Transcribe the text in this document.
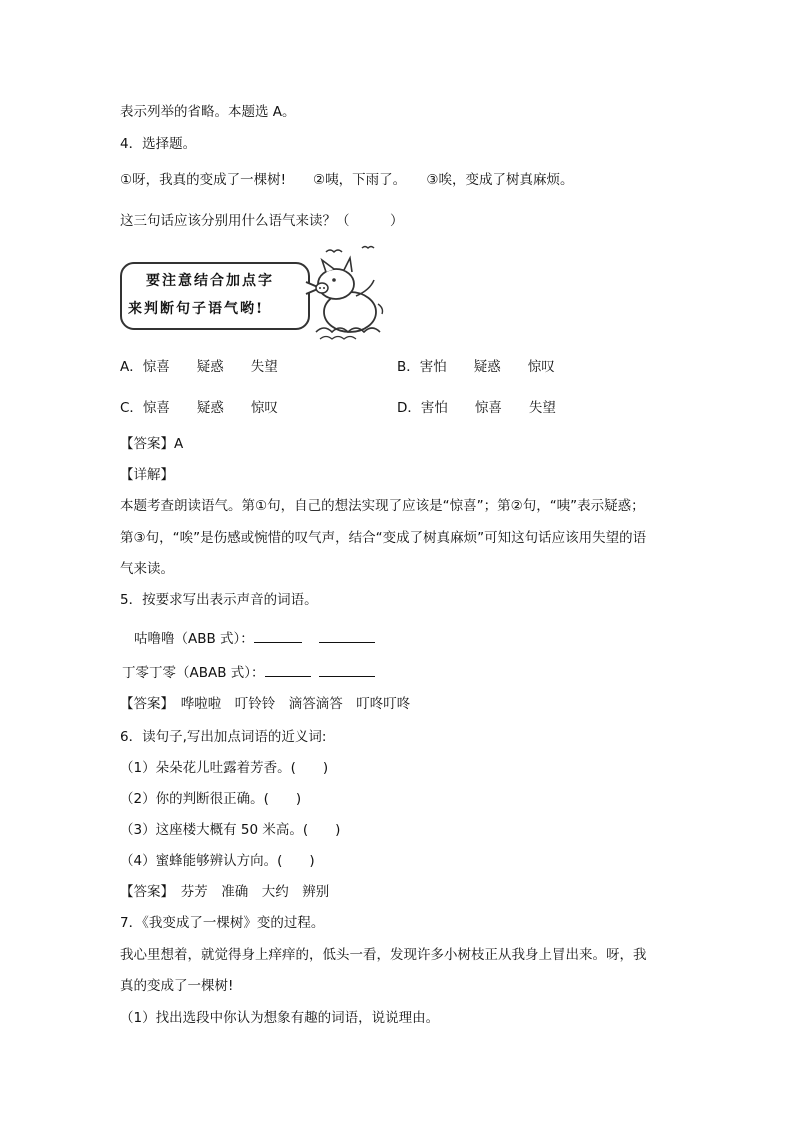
表示列举的省略。本题选 A。
4．选择题。
①呀，我真的变成了一棵树!　　②咦，下雨了。　　③唉，变成了树真麻烦。
这三句话应该分别用什么语气来读？（　　　）
要注意结合加点字
来判断句子语气哟!
A．惊喜　　疑惑　　失望	B．害怕　　疑惑　　惊叹
C．惊喜　　疑惑　　惊叹	D．害怕　　惊喜　　失望
【答案】A
【详解】
本题考查朗读语气。第①句，自己的想法实现了应该是“惊喜”；第②句，“咦”表示疑惑；
第③句，“唉”是伤感或惋惜的叹气声，结合“变成了树真麻烦”可知这句话应该用失望的语
气来读。
5．按要求写出表示声音的词语。
咕噜噜（ABB 式）：
丁零丁零（ABAB 式）：
【答案】　哗啦啦　叮铃铃　滴答滴答　叮咚叮咚
6．读句子,写出加点词语的近义词:
（1）朵朵花儿吐露着芳香。(　　)
（2）你的判断很正确。(　　)
（3）这座楼大概有 50 米高。(　　)
（4）蜜蜂能够辨认方向。(　　)
【答案】　芬芳　准确　大约　辨别
7．《我变成了一棵树》变的过程。
我心里想着，就觉得身上痒痒的，低头一看，发现许多小树枝正从我身上冒出来。呀，我
真的变成了一棵树!
（1）找出选段中你认为想象有趣的词语，说说理由。
